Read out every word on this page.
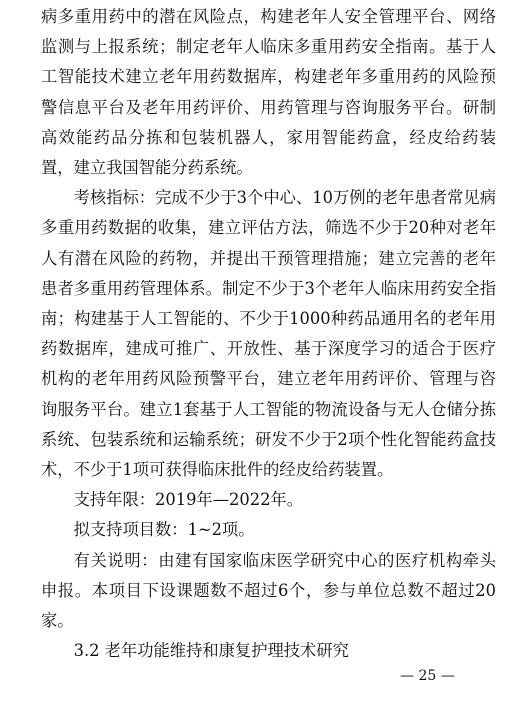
病多重用药中的潜在风险点，构建老年人安全管理平台、网络监测与上报系统；制定老年人临床多重用药安全指南。基于人工智能技术建立老年用药数据库，构建老年多重用药的风险预警信息平台及老年用药评价、用药管理与咨询服务平台。研制高效能药品分拣和包装机器人，家用智能药盒，经皮给药装置，建立我国智能分药系统。

考核指标：完成不少于3个中心、10万例的老年患者常见病多重用药数据的收集，建立评估方法，筛选不少于20种对老年人有潜在风险的药物，并提出干预管理措施；建立完善的老年患者多重用药管理体系。制定不少于3个老年人临床用药安全指南；构建基于人工智能的、不少于1000种药品通用名的老年用药数据库，建成可推广、开放性、基于深度学习的适合于医疗机构的老年用药风险预警平台，建立老年用药评价、管理与咨询服务平台。建立1套基于人工智能的物流设备与无人仓储分拣系统、包装系统和运输系统；研发不少于2项个性化智能药盒技术，不少于1项可获得临床批件的经皮给药装置。

支持年限：2019年—2022年。

拟支持项目数：1~2项。

有关说明：由建有国家临床医学研究中心的医疗机构牵头申报。本项目下设课题数不超过6个，参与单位总数不超过20家。

3.2 老年功能维持和康复护理技术研究

— 25 —
